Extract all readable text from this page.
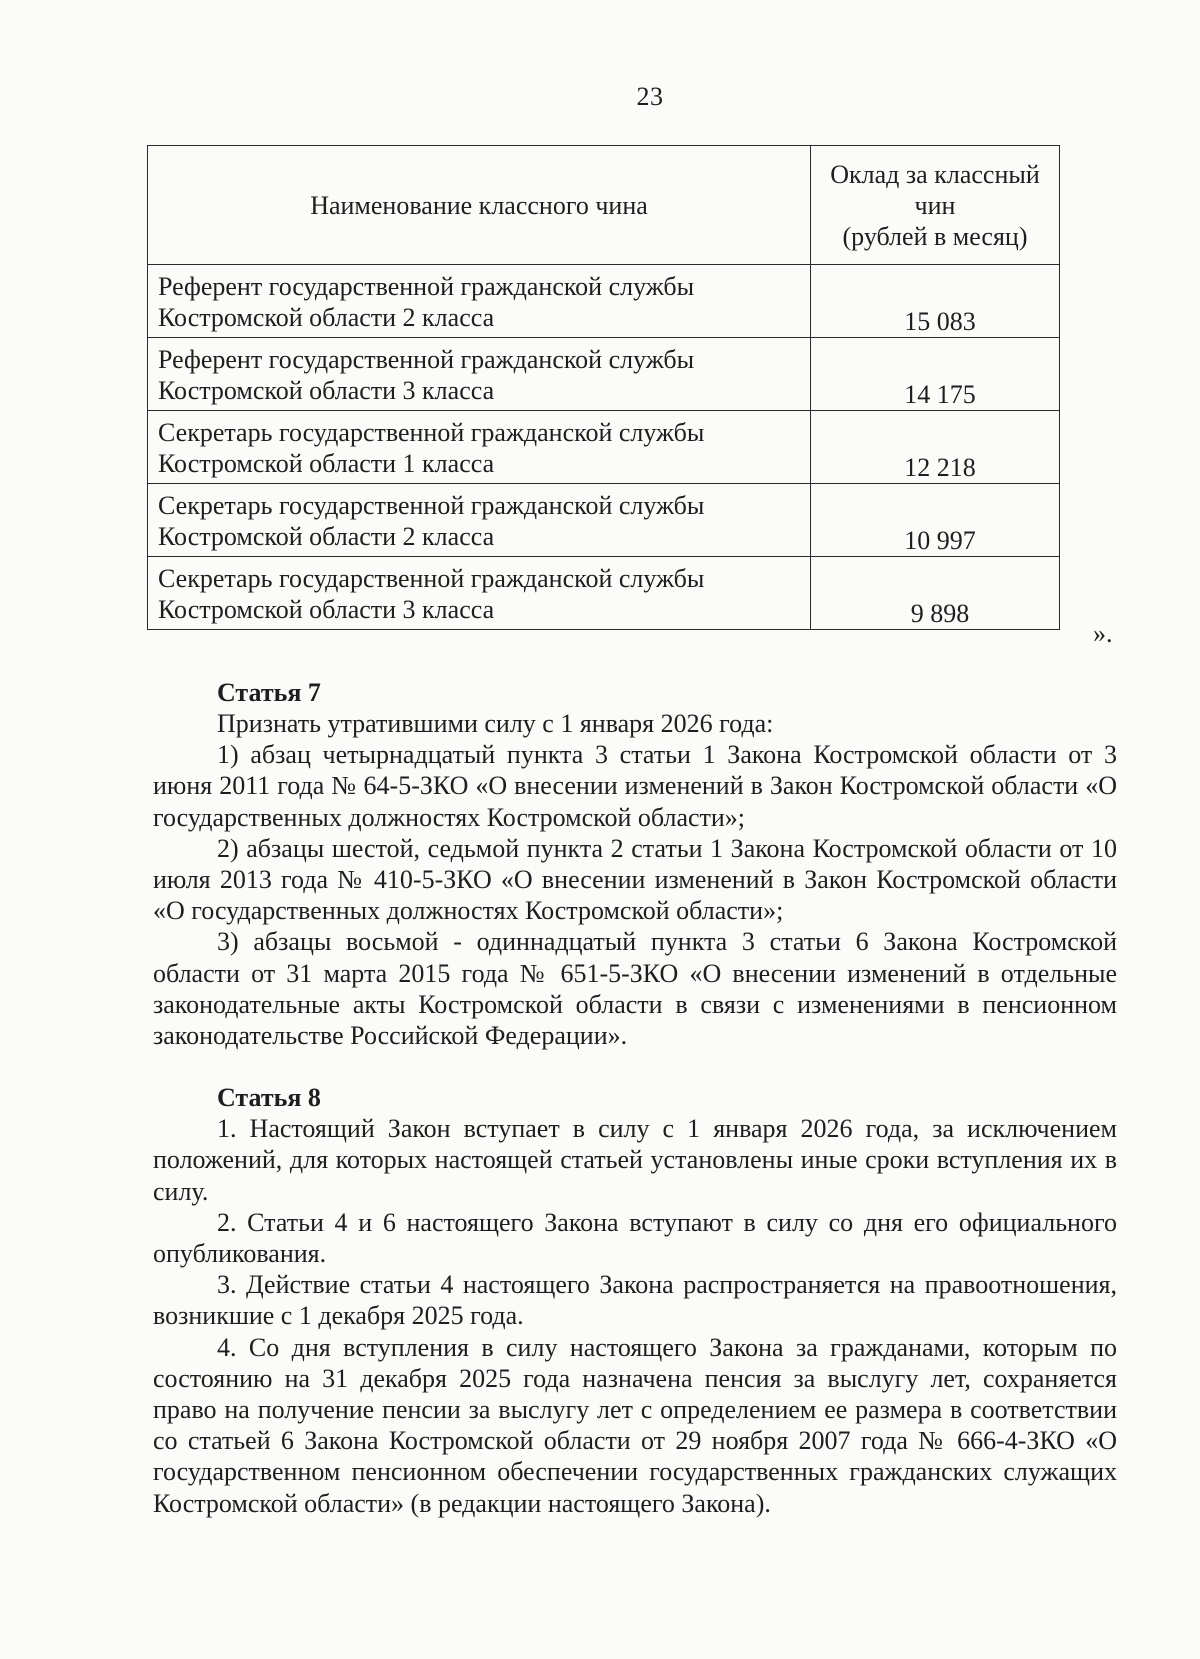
23
Наименование классного чина	Оклад за классный
чин
(рублей в месяц)

Референт государственной гражданской службы
Костромской области 2 класса	15 083

Референт государственной гражданской службы
Костромской области 3 класса	14 175

Секретарь государственной гражданской службы
Костромской области 1 класса	12 218

Секретарь государственной гражданской службы
Костромской области 2 класса	10 997

Секретарь государственной гражданской службы
Костромской области 3 класса	9 898
».

Статья 7

Признать утратившими силу с 1 января 2026 года:

1) абзац четырнадцатый пункта 3 статьи 1 Закона Костромской области от 3 июня 2011 года № 64-5-ЗКО «О внесении изменений в Закон Костромской области «О государственных должностях Костромской области»;

2) абзацы шестой, седьмой пункта 2 статьи 1 Закона Костромской области от 10 июля 2013 года № 410-5-ЗКО «О внесении изменений в Закон Костромской области «О государственных должностях Костромской области»;

3) абзацы восьмой - одиннадцатый пункта 3 статьи 6 Закона Костромской области от 31 марта 2015 года № 651-5-ЗКО «О внесении изменений в отдельные законодательные акты Костромской области в связи с изменениями в пенсионном законодательстве Российской Федерации».

Статья 8

1. Настоящий Закон вступает в силу с 1 января 2026 года, за исключением положений, для которых настоящей статьей установлены иные сроки вступления их в силу.

2. Статьи 4 и 6 настоящего Закона вступают в силу со дня его официального опубликования.

3. Действие статьи 4 настоящего Закона распространяется на правоотношения, возникшие с 1 декабря 2025 года.

4. Со дня вступления в силу настоящего Закона за гражданами, которым по состоянию на 31 декабря 2025 года назначена пенсия за выслугу лет, сохраняется право на получение пенсии за выслугу лет с определением ее размера в соответствии со статьей 6 Закона Костромской области от 29 ноября 2007 года № 666-4-ЗКО «О государственном пенсионном обеспечении государственных гражданских служащих Костромской области» (в редакции настоящего Закона).
